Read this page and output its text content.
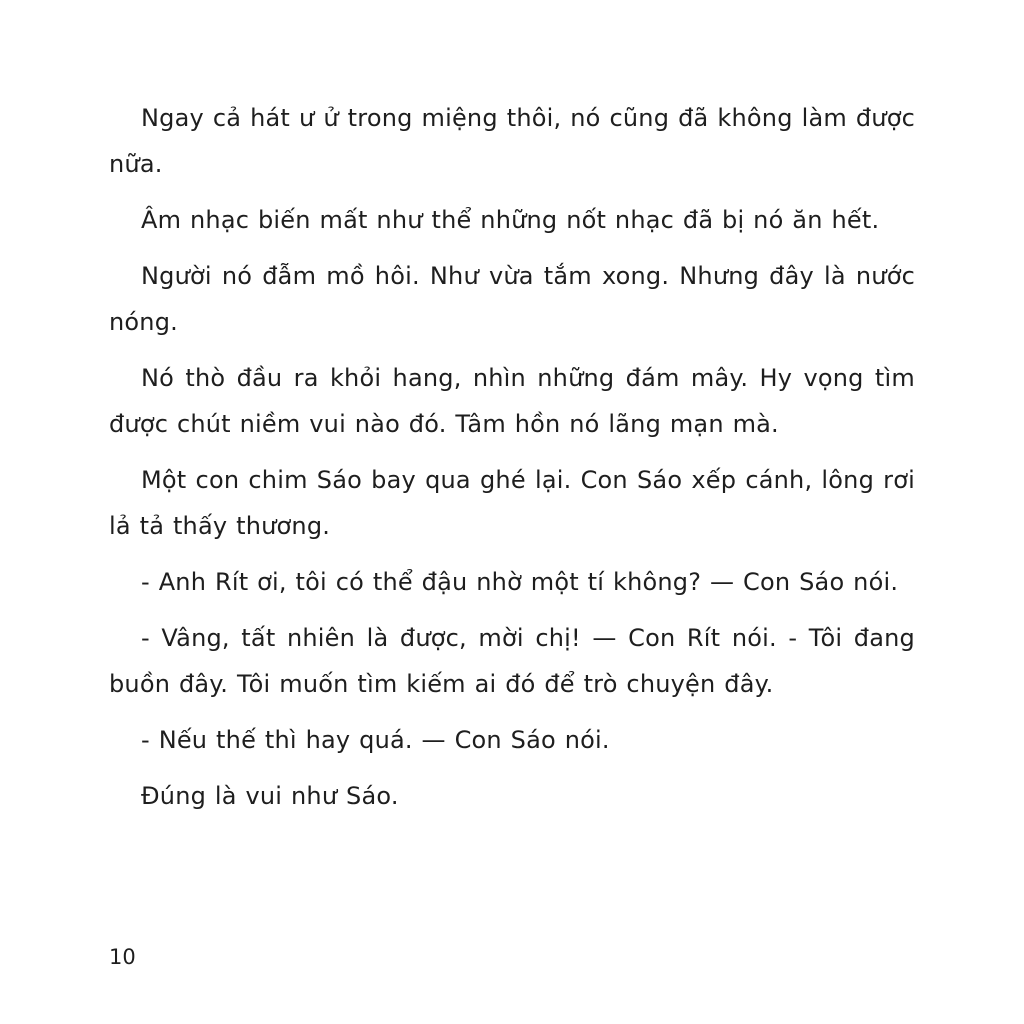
Ngay cả hát ư ử trong miệng thôi, nó cũng đã không làm được nữa.

Âm nhạc biến mất như thể những nốt nhạc đã bị nó ăn hết.

Người nó đẫm mồ hôi. Như vừa tắm xong. Nhưng đây là nước nóng.

Nó thò đầu ra khỏi hang, nhìn những đám mây. Hy vọng tìm được chút niềm vui nào đó. Tâm hồn nó lãng mạn mà.

Một con chim Sáo bay qua ghé lại. Con Sáo xếp cánh, lông rơi lả tả thấy thương.

- Anh Rít ơi, tôi có thể đậu nhờ một tí không? — Con Sáo nói.

- Vâng, tất nhiên là được, mời chị! — Con Rít nói. - Tôi đang buồn đây. Tôi muốn tìm kiếm ai đó để trò chuyện đây.

- Nếu thế thì hay quá. — Con Sáo nói.

Đúng là vui như Sáo.

10
